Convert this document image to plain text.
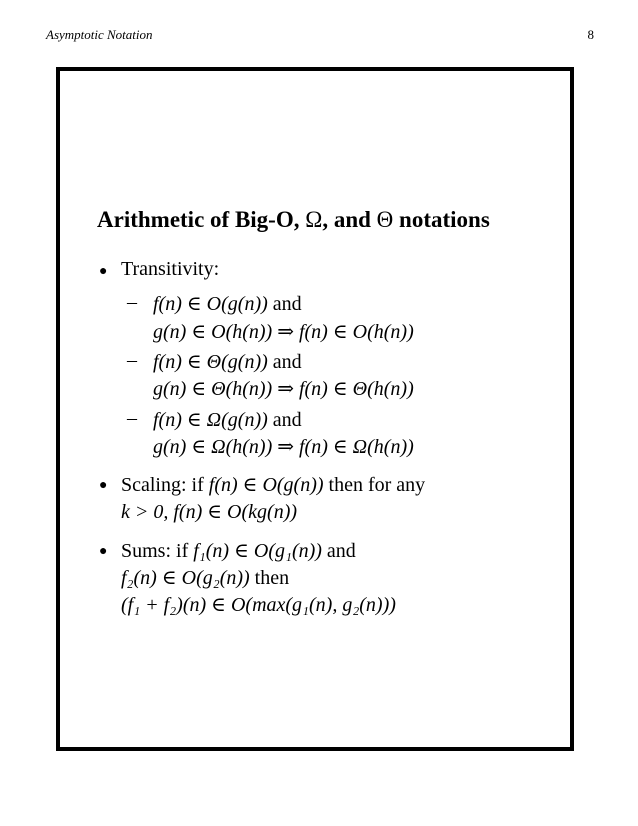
Asymptotic Notation	8
Arithmetic of Big-O, Ω, and Θ notations
● Transitivity:
– f(n) ∈ O(g(n)) and
g(n) ∈ O(h(n)) ⇒ f(n) ∈ O(h(n))
– f(n) ∈ Θ(g(n)) and
g(n) ∈ Θ(h(n)) ⇒ f(n) ∈ Θ(h(n))
– f(n) ∈ Ω(g(n)) and
g(n) ∈ Ω(h(n)) ⇒ f(n) ∈ Ω(h(n))
● Scaling: if f(n) ∈ O(g(n)) then for any
k > 0, f(n) ∈ O(kg(n))
● Sums: if f₁(n) ∈ O(g₁(n)) and
f₂(n) ∈ O(g₂(n)) then
(f₁ + f₂)(n) ∈ O(max(g₁(n), g₂(n)))
